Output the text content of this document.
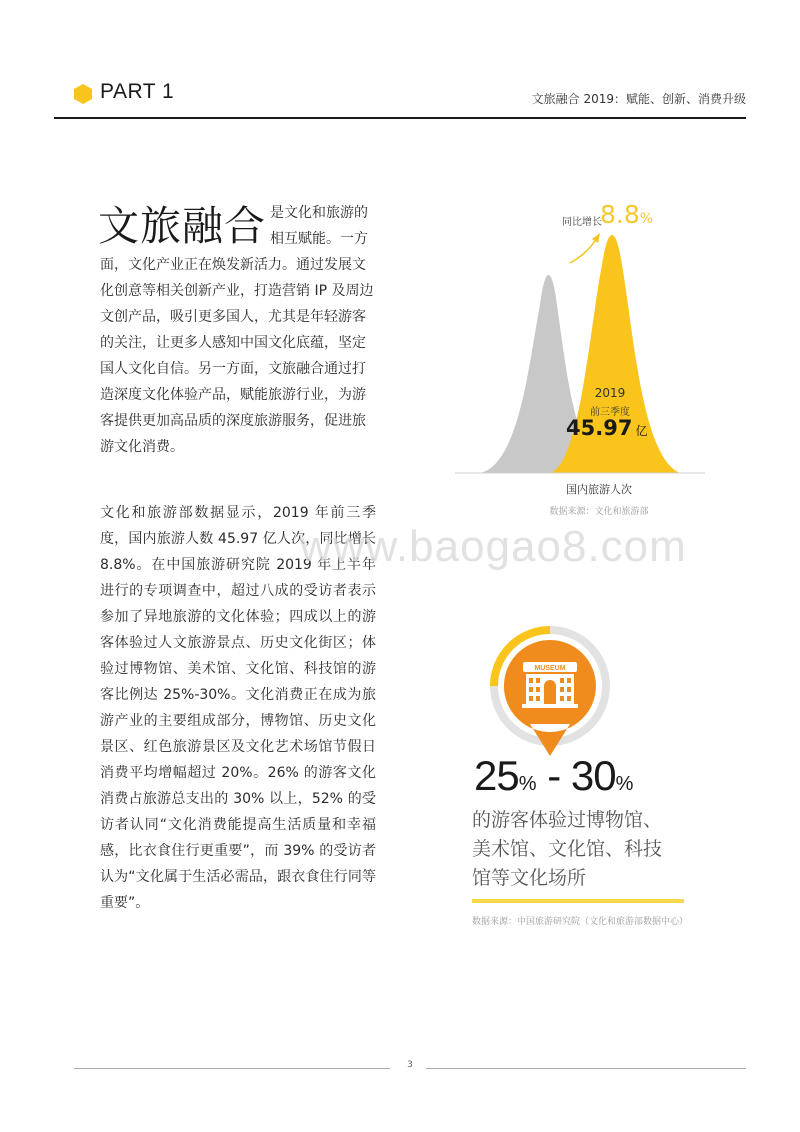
PART 1	文旅融合 2019：赋能、创新、消费升级
文旅融合 是文化和旅游的相互赋能。一方面，文化产业正在焕发新活力。通过发展文化创意等相关创新产业，打造营销 IP 及周边文创产品，吸引更多国人，尤其是年轻游客的关注，让更多人感知中国文化底蕴，坚定国人文化自信。另一方面，文旅融合通过打造深度文化体验产品，赋能旅游行业，为游客提供更加高品质的深度旅游服务，促进旅游文化消费。
文化和旅游部数据显示，2019 年前三季度，国内旅游人数 45.97 亿人次，同比增长 8.8%。在中国旅游研究院 2019 年上半年进行的专项调查中，超过八成的受访者表示参加了异地旅游的文化体验；四成以上的游客体验过人文旅游景点、历史文化街区；体验过博物馆、美术馆、文化馆、科技馆的游客比例达 25%-30%。文化消费正在成为旅游产业的主要组成部分，博物馆、历史文化景区、红色旅游景区及文化艺术场馆节假日消费平均增幅超过 20%。26% 的游客文化消费占旅游总支出的 30% 以上，52% 的受访者认同“文化消费能提高生活质量和幸福感，比衣食住行更重要”，而 39% 的受访者认为“文化属于生活必需品，跟衣食住行同等重要”。
同比增长
8.8%
2019
前三季度
45.97 亿
国内旅游人次
数据来源：文化和旅游部
MUSEUM
25% - 30%
的游客体验过博物馆、美术馆、文化馆、科技馆等文化场所
数据来源：中国旅游研究院（文化和旅游部数据中心）
www.baogao8.com
3
